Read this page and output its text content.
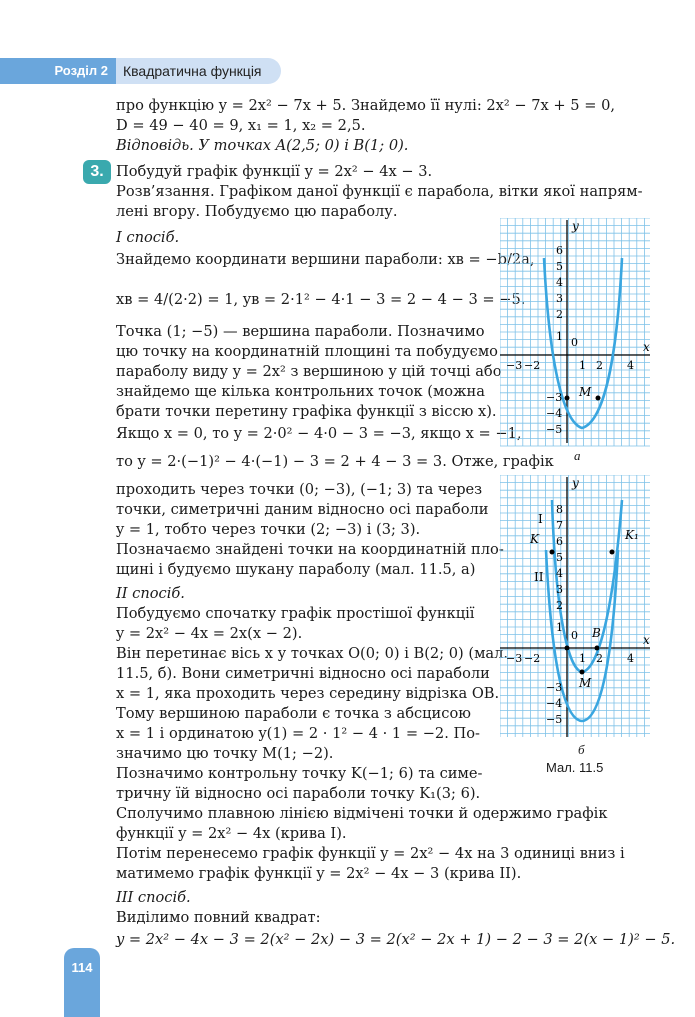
Розділ 2	Квадратична функція
про функцію y = 2x² − 7x + 5. Знайдемо її нулі: 2x² − 7x + 5 = 0,
D = 49 − 40 = 9, x₁ = 1, x₂ = 2,5.
Відповідь. У точках A(2,5; 0) і B(1; 0).
3. Побудуй графік функції y = 2x² − 4x − 3.
Розв’язання. Графіком даної функції є парабола, вітки якої напрям-
лені вгору. Побудуємо цю параболу.
I спосіб.
Знайдемо координати вершини параболи: xв = −b/2a,
xв = 4/(2·2) = 1, yв = 2·1² − 4·1 − 3 = 2 − 4 − 3 = −5.
Точка (1; −5) — вершина параболи. Позначимо
цю точку на координатній площині та побудуємо
параболу виду y = 2x² з вершиною у цій точці або
знайдемо ще кілька контрольних точок (можна
брати точки перетину графіка функції з віссю x).
Якщо x = 0, то y = 2·0² − 4·0 − 3 = −3, якщо x = −1,
то y = 2·(−1)² − 4·(−1) − 3 = 2 + 4 − 3 = 3. Отже, графік
проходить через точки (0; −3), (−1; 3) та через
точки, симетричні даним відносно осі параболи
y = 1, тобто через точки (2; −3) і (3; 3).
Позначаємо знайдені точки на координатній пло-
щині і будуємо шукану параболу (мал. 11.5, а)
II спосіб.
Побудуємо спочатку графік простішої функції
y = 2x² − 4x = 2x(x − 2).
Він перетинає вісь x у точках O(0; 0) і B(2; 0) (мал.
11.5, б). Вони симетричні відносно осі параболи
x = 1, яка проходить через середину відрізка OB.
Тому вершиною параболи є точка з абсцисою
x = 1 і ординатою y(1) = 2 · 1² − 4 · 1 = −2. По-
значимо цю точку M(1; −2).
Позначимо контрольну точку K(−1; 6) та симе-
тричну їй відносно осі параболи точку K₁(3; 6).
Сполучимо плавною лінією відмічені точки й одержимо графік
функції y = 2x² − 4x (крива I).
Потім перенесемо графік функції y = 2x² − 4x на 3 одиниці вниз і
матимемо графік функції y = 2x² − 4x − 3 (крива II).
III спосіб.
Виділимо повний квадрат:
y = 2x² − 4x − 3 = 2(x² − 2x) − 3 = 2(x² − 2x + 1) − 2 − 3 = 2(x − 1)² − 5.
y
x
0
−3 −2	1 2 4
6
5
4
3
2
1
−3
−4
−5
M
а
y
x
0
−3 −2	1 2 4
8
7
6
5
4
3
2
1
−3
−4
−5
I
II
K	K₁
B
M
б
Мал. 11.5
114
